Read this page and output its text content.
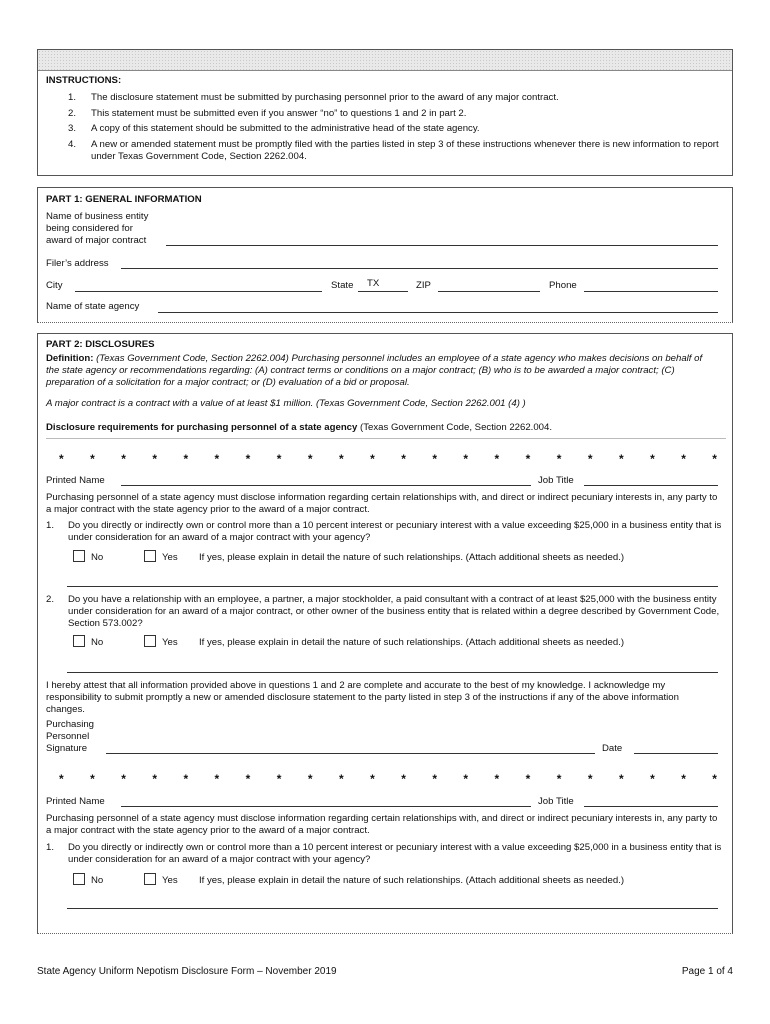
INSTRUCTIONS:
1. The disclosure statement must be submitted by purchasing personnel prior to the award of any major contract.
2. This statement must be submitted even if you answer “no” to questions 1 and 2 in part 2.
3. A copy of this statement should be submitted to the administrative head of the state agency.
4. A new or amended statement must be promptly filed with the parties listed in step 3 of these instructions whenever there is new information to report under Texas Government Code, Section 2262.004.
PART 1: GENERAL INFORMATION
Name of business entity
being considered for
award of major contract
Filer’s address
City	State TX	ZIP	Phone
Name of state agency
PART 2: DISCLOSURES
Definition: (Texas Government Code, Section 2262.004) Purchasing personnel includes an employee of a state agency who makes decisions on behalf of the state agency or recommendations regarding: (A) contract terms or conditions on a major contract; (B) who is to be awarded a major contract; (C) preparation of a solicitation for a major contract; or (D) evaluation of a bid or proposal.
A major contract is a contract with a value of at least $1 million. (Texas Government Code, Section 2262.001 (4) )
Disclosure requirements for purchasing personnel of a state agency (Texas Government Code, Section 2262.004.
* * * * * * * * * * * * * * * * * * * * * *
Printed Name	Job Title
Purchasing personnel of a state agency must disclose information regarding certain relationships with, and direct or indirect pecuniary interests in, any party to a major contract with the state agency prior to the award of a major contract.
1. Do you directly or indirectly own or control more than a 10 percent interest or pecuniary interest with a value exceeding $25,000 in a business entity that is under consideration for an award of a major contract with your agency?
No	Yes If yes, please explain in detail the nature of such relationships. (Attach additional sheets as needed.)
2. Do you have a relationship with an employee, a partner, a major stockholder, a paid consultant with a contract of at least $25,000 with the business entity under consideration for an award of a major contract, or other owner of the business entity that is related within a degree described by Government Code, Section 573.002?
No	Yes If yes, please explain in detail the nature of such relationships. (Attach additional sheets as needed.)
I hereby attest that all information provided above in questions 1 and 2 are complete and accurate to the best of my knowledge. I acknowledge my responsibility to submit promptly a new or amended disclosure statement to the party listed in step 3 of the instructions if any of the above information changes.
Purchasing
Personnel
Signature	Date
* * * * * * * * * * * * * * * * * * * * * *
Printed Name	Job Title
Purchasing personnel of a state agency must disclose information regarding certain relationships with, and direct or indirect pecuniary interests in, any party to a major contract with the state agency prior to the award of a major contract.
1. Do you directly or indirectly own or control more than a 10 percent interest or pecuniary interest with a value exceeding $25,000 in a business entity that is under consideration for an award of a major contract with your agency?
No	Yes If yes, please explain in detail the nature of such relationships. (Attach additional sheets as needed.)
State Agency Uniform Nepotism Disclosure Form – November 2019	Page 1 of 4
